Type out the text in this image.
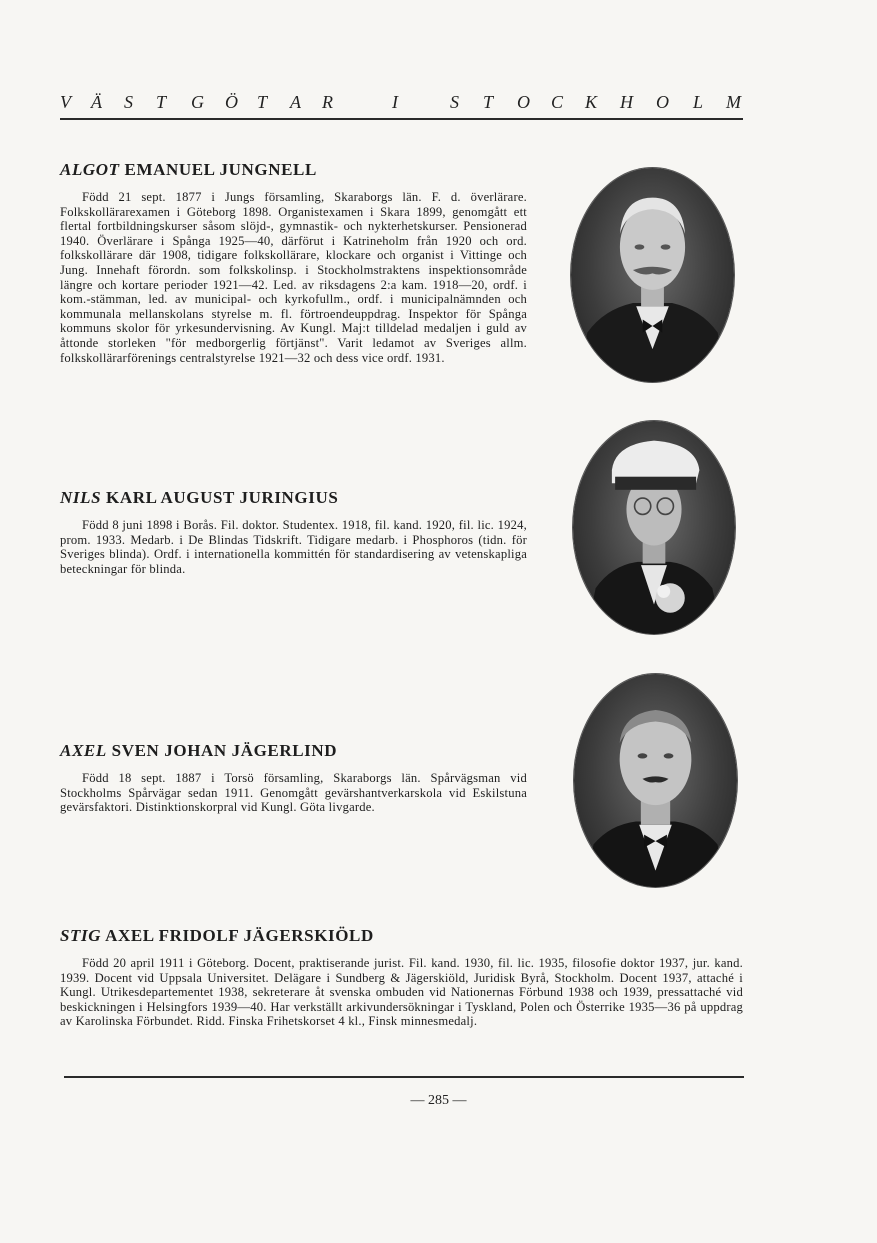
V Ä S T G Ö T A R	I	S T O C K H O L M
ALGOT EMANUEL JUNGNELL

Född 21 sept. 1877 i Jungs församling, Skaraborgs län. F. d. överlärare. Folkskollärarexamen i Göteborg 1898. Organistexamen i Skara 1899, genomgått ett flertal fortbildningskurser såsom slöjd-, gymnastik- och nykterhetskurser. Pensionerad 1940. Överlärare i Spånga 1925—40, därförut i Katrineholm från 1920 och ord. folkskollärare där 1908, tidigare folkskollärare, klockare och organist i Vittinge och Jung. Innehaft förordn. som folkskolinsp. i Stockholmstraktens inspektionsområde längre och kortare perioder 1921—42. Led. av riksdagens 2:a kam. 1918—20, ordf. i kom.-stämman, led. av municipal- och kyrkofullm., ordf. i municipalnämnden och kommunala mellanskolans styrelse m. fl. förtroendeuppdrag. Inspektor för Spånga kommuns skolor för yrkesundervisning. Av Kungl. Maj:t tilldelad medaljen i guld av åttonde storleken "för medborgerlig förtjänst". Varit ledamot av Sveriges allm. folkskollärarförenings centralstyrelse 1921—32 och dess vice ordf. 1931.

NILS KARL AUGUST JURINGIUS

Född 8 juni 1898 i Borås. Fil. doktor. Studentex. 1918, fil. kand. 1920, fil. lic. 1924, prom. 1933. Medarb. i De Blindas Tidskrift. Tidigare medarb. i Phosphoros (tidn. för Sveriges blinda). Ordf. i internationella kommittén för standardisering av vetenskapliga beteckningar för blinda.

AXEL SVEN JOHAN JÄGERLIND

Född 18 sept. 1887 i Torsö församling, Skaraborgs län. Spårvägsman vid Stockholms Spårvägar sedan 1911. Genomgått gevärshantverkarskola vid Eskilstuna gevärsfaktori. Distinktionskorpral vid Kungl. Göta livgarde.

STIG AXEL FRIDOLF JÄGERSKIÖLD

Född 20 april 1911 i Göteborg. Docent, praktiserande jurist. Fil. kand. 1930, fil. lic. 1935, filosofie doktor 1937, jur. kand. 1939. Docent vid Uppsala Universitet. Delägare i Sundberg & Jägerskiöld, Juridisk Byrå, Stockholm. Docent 1937, attaché i Kungl. Utrikesdepartementet 1938, sekreterare åt svenska ombuden vid Nationernas Förbund 1938 och 1939, pressattaché vid beskickningen i Helsingfors 1939—40. Har verkställt arkivundersökningar i Tyskland, Polen och Österrike 1935—36 på uppdrag av Karolinska Förbundet. Ridd. Finska Frihetskorset 4 kl., Finsk minnesmedalj.

— 285 —
